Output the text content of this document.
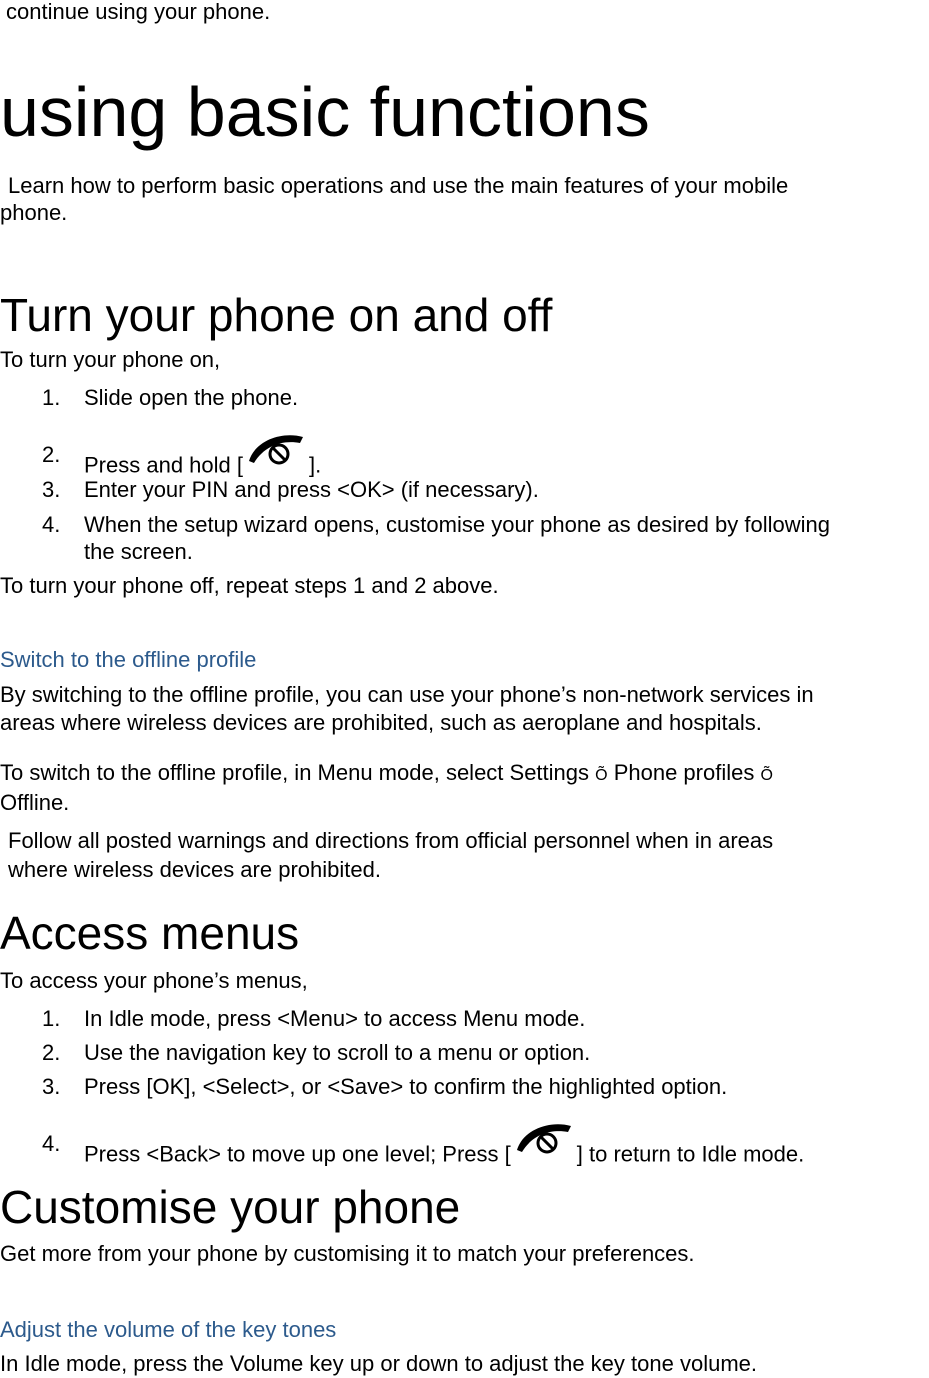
continue using your phone.
using basic functions
Learn how to perform basic operations and use the main features of your mobile
phone.
Turn your phone on and off
To turn your phone on,
1. Slide open the phone.
2. Press and hold [	].
3. Enter your PIN and press <OK> (if necessary).
4. When the setup wizard opens, customise your phone as desired by following
the screen.
To turn your phone off, repeat steps 1 and 2 above.
Switch to the offline profile
By switching to the offline profile, you can use your phone’s non-network services in
areas where wireless devices are prohibited, such as aeroplane and hospitals.
To switch to the offline profile, in Menu mode, select Settings Õ Phone profiles Õ
Offline.
Follow all posted warnings and directions from official personnel when in areas
where wireless devices are prohibited.
Access menus
To access your phone’s menus,
1. In Idle mode, press <Menu> to access Menu mode.
2. Use the navigation key to scroll to a menu or option.
3. Press [OK], <Select>, or <Save> to confirm the highlighted option.
4. Press <Back> to move up one level; Press [	] to return to Idle mode.
Customise your phone
Get more from your phone by customising it to match your preferences.
Adjust the volume of the key tones
In Idle mode, press the Volume key up or down to adjust the key tone volume.
